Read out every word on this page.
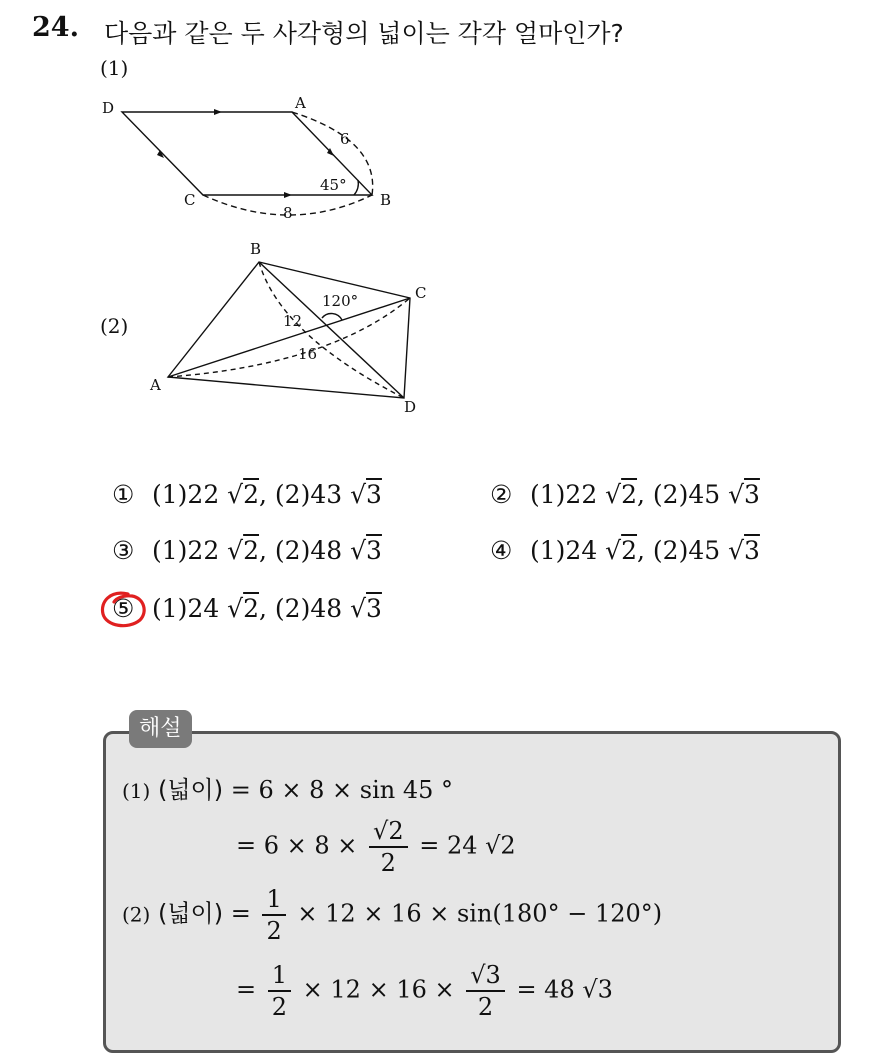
24. 다음과 같은 두 사각형의 넓이는 각각 얼마인가?
(1)
(2)
D	A
C	B
6
8
45°
B
C
A
D
12
16
120°
① (1)22 √2, (2)43 √3	② (1)22 √2, (2)45 √3
③ (1)22 √2, (2)48 √3	④ (1)24 √2, (2)45 √3
⑤ (1)24 √2, (2)48 √3
해설
(1) (넓이) = 6 × 8 × sin 45 °
= $6 \times 8 \times \frac{√2}{2} = 24$ √2
(2) (넓이) = $\frac{1}{2} \times 12 \times 16 \times \sin(180^\circ - 120^\circ)$
= $\frac{1}{2} \times 12 \times 16 \times \frac{√3}{2} = 48$ √3
